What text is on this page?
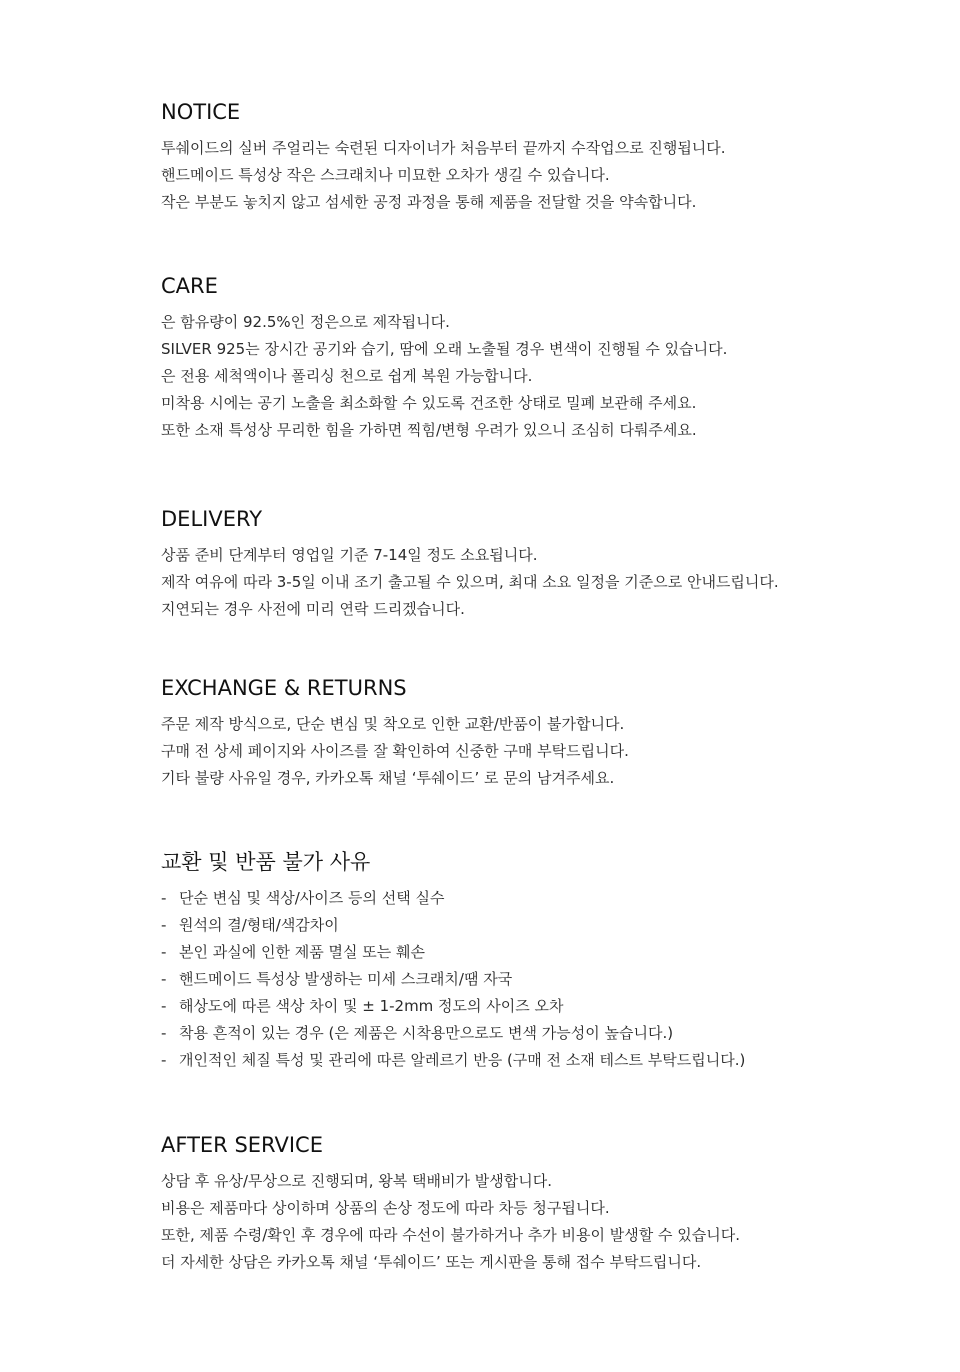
NOTICE
투쉐이드의 실버 주얼리는 숙련된 디자이너가 처음부터 끝까지 수작업으로 진행됩니다.
핸드메이드 특성상 작은 스크래치나 미묘한 오차가 생길 수 있습니다.
작은 부분도 놓치지 않고 섬세한 공정 과정을 통해 제품을 전달할 것을 약속합니다.
CARE
은 함유량이 92.5%인 정은으로 제작됩니다.
SILVER 925는 장시간 공기와 습기, 땀에 오래 노출될 경우 변색이 진행될 수 있습니다.
은 전용 세척액이나 폴리싱 천으로 쉽게 복원 가능합니다.
미착용 시에는 공기 노출을 최소화할 수 있도록 건조한 상태로 밀폐 보관해 주세요.
또한 소재 특성상 무리한 힘을 가하면 찍힘/변형 우려가 있으니 조심히 다뤄주세요.
DELIVERY
상품 준비 단계부터 영업일 기준 7-14일 정도 소요됩니다.
제작 여유에 따라 3-5일 이내 조기 출고될 수 있으며, 최대 소요 일정을 기준으로 안내드립니다.
지연되는 경우 사전에 미리 연락 드리겠습니다.
EXCHANGE & RETURNS
주문 제작 방식으로, 단순 변심 및 착오로 인한 교환/반품이 불가합니다.
구매 전 상세 페이지와 사이즈를 잘 확인하여 신중한 구매 부탁드립니다.
기타 불량 사유일 경우, 카카오톡 채널 ‘투쉐이드’ 로 문의 남겨주세요.
교환 및 반품 불가 사유
- 단순 변심 및 색상/사이즈 등의 선택 실수
- 원석의 결/형태/색감차이
- 본인 과실에 인한 제품 멸실 또는 훼손
- 핸드메이드 특성상 발생하는 미세 스크래치/땜 자국
- 해상도에 따른 색상 차이 및 ± 1-2mm 정도의 사이즈 오차
- 착용 흔적이 있는 경우 (은 제품은 시착용만으로도 변색 가능성이 높습니다.)
- 개인적인 체질 특성 및 관리에 따른 알레르기 반응 (구매 전 소재 테스트 부탁드립니다.)
AFTER SERVICE
상담 후 유상/무상으로 진행되며, 왕복 택배비가 발생합니다.
비용은 제품마다 상이하며 상품의 손상 정도에 따라 차등 청구됩니다.
또한, 제품 수령/확인 후 경우에 따라 수선이 불가하거나 추가 비용이 발생할 수 있습니다.
더 자세한 상담은 카카오톡 채널 ‘투쉐이드’ 또는 게시판을 통해 접수 부탁드립니다.
